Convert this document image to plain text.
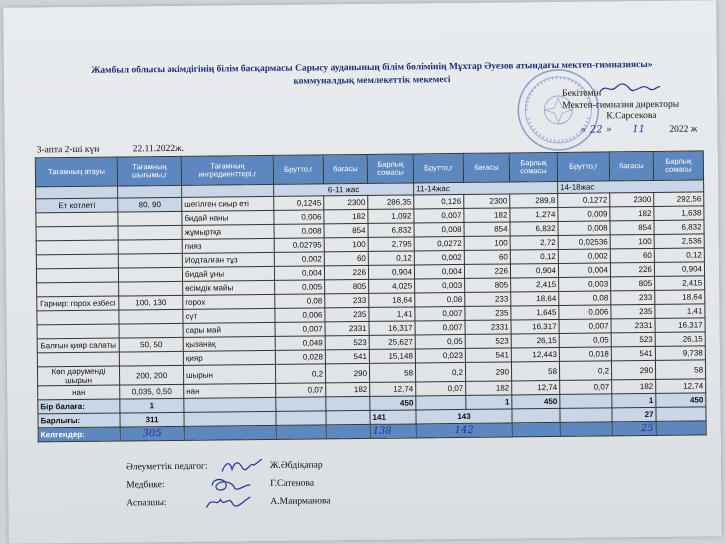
Жамбыл облысы әкімдігінің білім басқармасы Сарысу ауданының білім бөлімінің Мұхтар Әуезов атындағы мектеп-гимназиясы»
коммуналдық мемлекеттік мекемесі
Бекітемін
Мектеп-гимназия директоры
К.Сарсекова
« 22 » 11	2022 ж
3-апта 2-ші күн	22.11.2022ж.
Тағамның атауы	Тағамның шығымы,г	Тағамның ингредиенттері,г	Брутто,г	бағасы	Барлық сомасы	Брутто,г	бағасы	Барлық сомасы	Брутто,г	бағасы	Барлық сомасы
			6-11 жас			11-14жас			14-18жас		
Ет котлеті	80, 90	шегілген сиыр еті	0,1245	2300	286,35	0,126	2300	289,8	0,1272	2300	292,56
		бидай наны	0,006	182	1,092	0,007	182	1,274	0,009	182	1,638
		жұмыртқа	0,008	854	6,832	0,008	854	6,832	0,008	854	6,832
		пияз	0,02795	100	2,795	0,0272	100	2,72	0,02536	100	2,536
		Иодталған тұз	0,002	60	0,12	0,002	60	0,12	0,002	60	0,12
		бидай ұны	0,004	226	0,904	0,004	226	0,904	0,004	226	0,904
		өсімдік майы	0,005	805	4,025	0,003	805	2,415	0,003	805	2,415
Гарнир: горох езбесі	100, 130	горох	0,08	233	18,64	0,08	233	18,64	0,08	233	18,64
		сүт	0,006	235	1,41	0,007	235	1,645	0,006	235	1,41
		сары май	0,007	2331	16,317	0,007	2331	16,317	0,007	2331	16,317
Балғын қияр салаты	50, 50	қызанақ	0,049	523	25,627	0,05	523	26,15	0,05	523	26,15
		қияр	0,028	541	15,148	0,023	541	12,443	0,018	541	9,738
Көп дәрумендi шырын	200, 200	шырын	0,2	290	58	0,2	290	58	0,2	290	58
нан	0,035, 0,50	нан	0,07	182	12,74	0,07	182	12,74	0,07	182	12,74
Бір балаға:	1				450		1	450		1	450
Барлығы:	311				141	143				27	
Келгендер:	305				138	142				25	
Әлеуметтік педагог:	Ж.Әбдiқапар
Медбике:	Г.Сатенова
Аспазшы:	А.Маирманова
